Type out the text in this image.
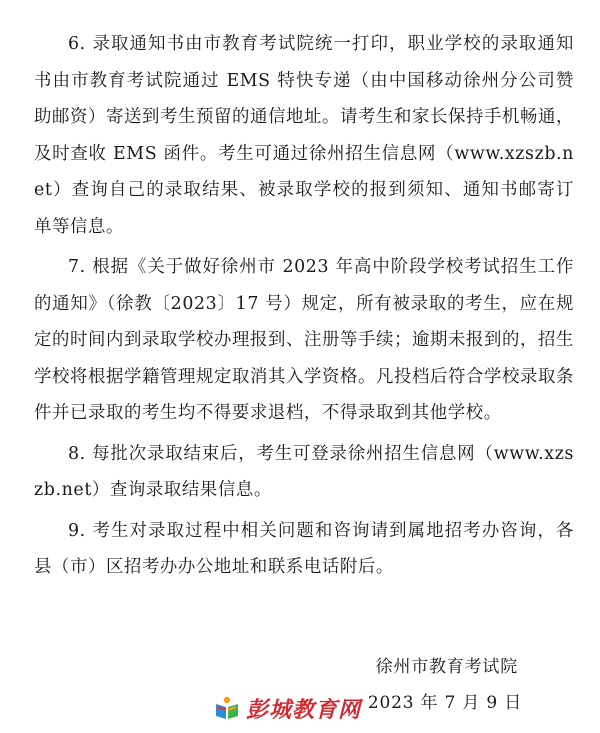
6. 录取通知书由市教育考试院统一打印，职业学校的录取通知书由市教育考试院通过 EMS 特快专递（由中国移动徐州分公司赞助邮资）寄送到考生预留的通信地址。请考生和家长保持手机畅通，及时查收 EMS 函件。考生可通过徐州招生信息网（www.xzszb.net）查询自己的录取结果、被录取学校的报到须知、通知书邮寄订单等信息。

7. 根据《关于做好徐州市 2023 年高中阶段学校考试招生工作的通知》（徐教〔2023〕17 号）规定，所有被录取的考生，应在规定的时间内到录取学校办理报到、注册等手续；逾期未报到的，招生学校将根据学籍管理规定取消其入学资格。凡投档后符合学校录取条件并已录取的考生均不得要求退档，不得录取到其他学校。

8. 每批次录取结束后，考生可登录徐州招生信息网（www.xzszb.net）查询录取结果信息。

9. 考生对录取过程中相关问题和咨询请到属地招考办咨询，各县（市）区招考办办公地址和联系电话附后。

徐州市教育考试院
彭城教育网 2023 年 7 月 9 日
